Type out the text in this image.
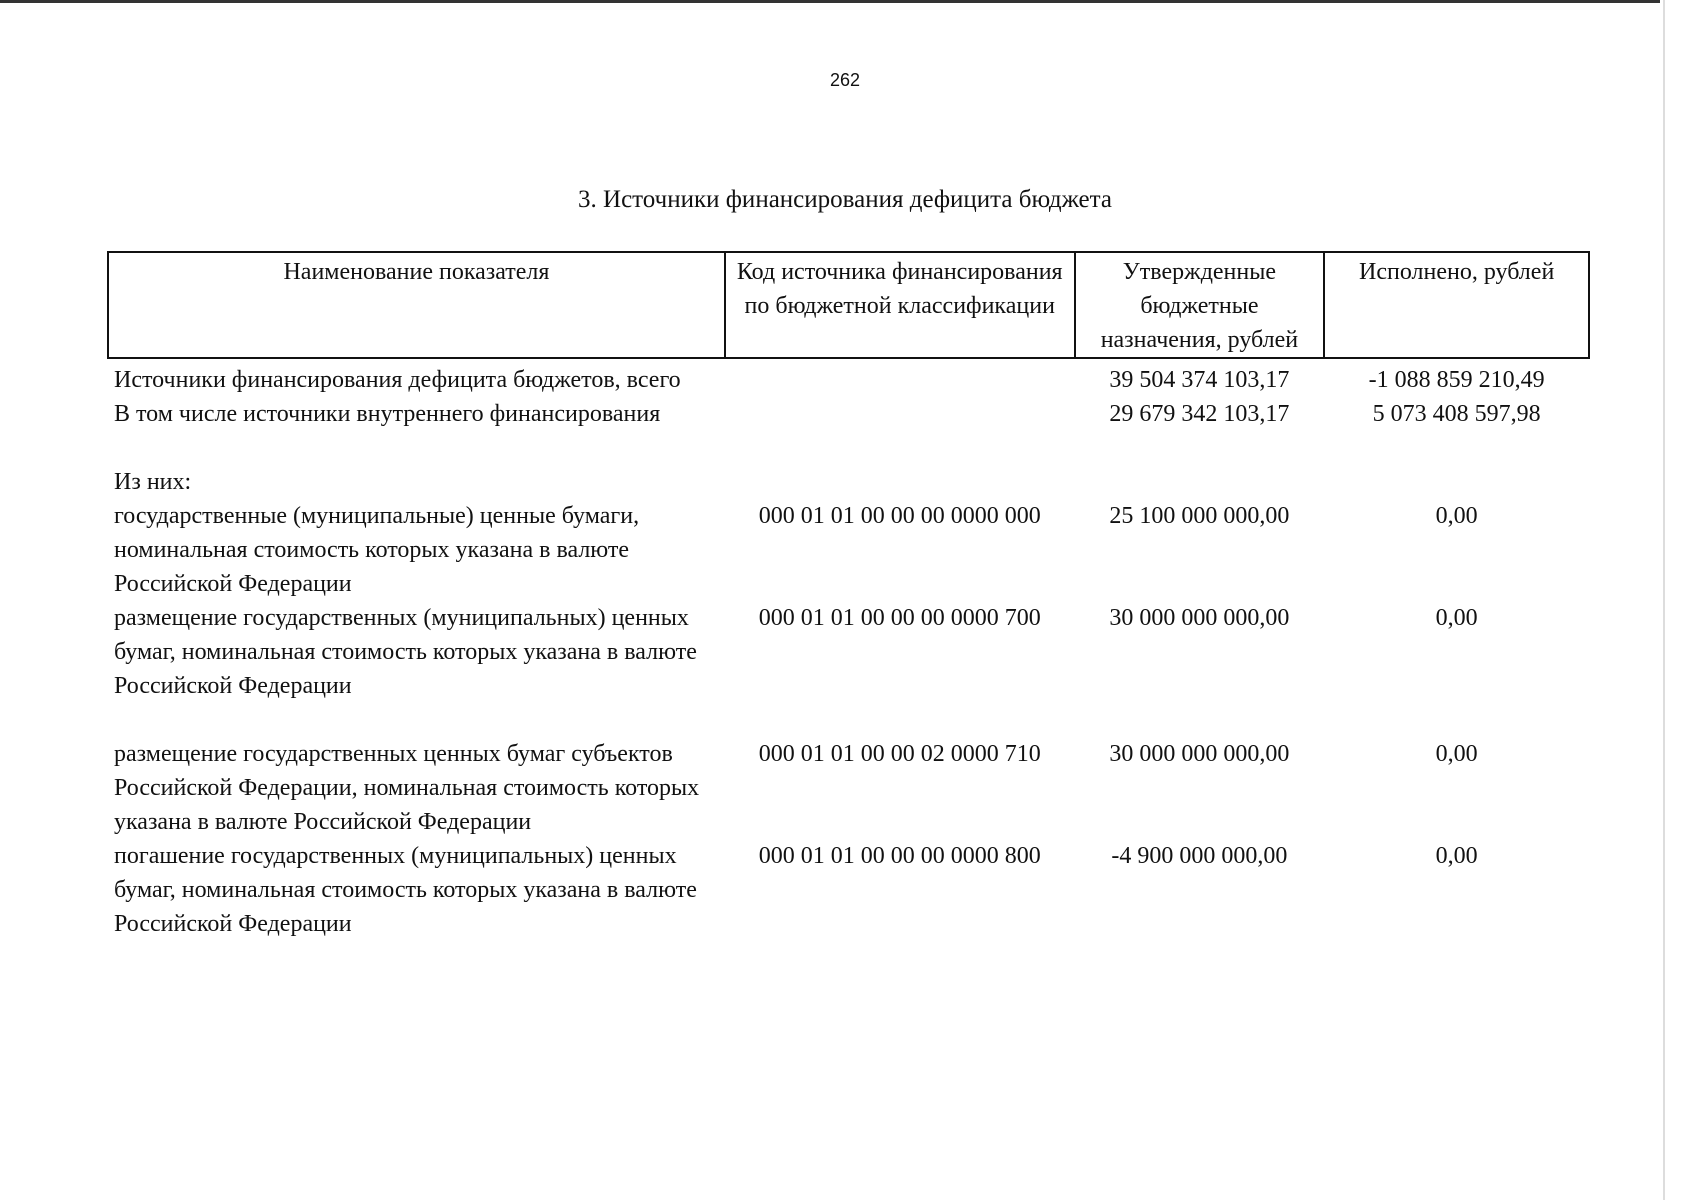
262
3. Источники финансирования дефицита бюджета
Наименование показателя	Код источника финансирования по бюджетной классификации	Утвержденные бюджетные назначения, рублей	Исполнено, рублей
Источники финансирования дефицита бюджетов, всего		39 504 374 103,17	-1 088 859 210,49
В том числе источники внутреннего финансирования		29 679 342 103,17	5 073 408 597,98
Из них:			
государственные (муниципальные) ценные бумаги, номинальная стоимость которых указана в валюте Российской Федерации	000 01 01 00 00 00 0000 000	25 100 000 000,00	0,00
размещение государственных (муниципальных) ценных бумаг, номинальная стоимость которых указана в валюте Российской Федерации	000 01 01 00 00 00 0000 700	30 000 000 000,00	0,00
размещение государственных ценных бумаг субъектов Российской Федерации, номинальная стоимость которых указана в валюте Российской Федерации	000 01 01 00 00 02 0000 710	30 000 000 000,00	0,00
погашение государственных (муниципальных) ценных бумаг, номинальная стоимость которых указана в валюте Российской Федерации	000 01 01 00 00 00 0000 800	-4 900 000 000,00	0,00
